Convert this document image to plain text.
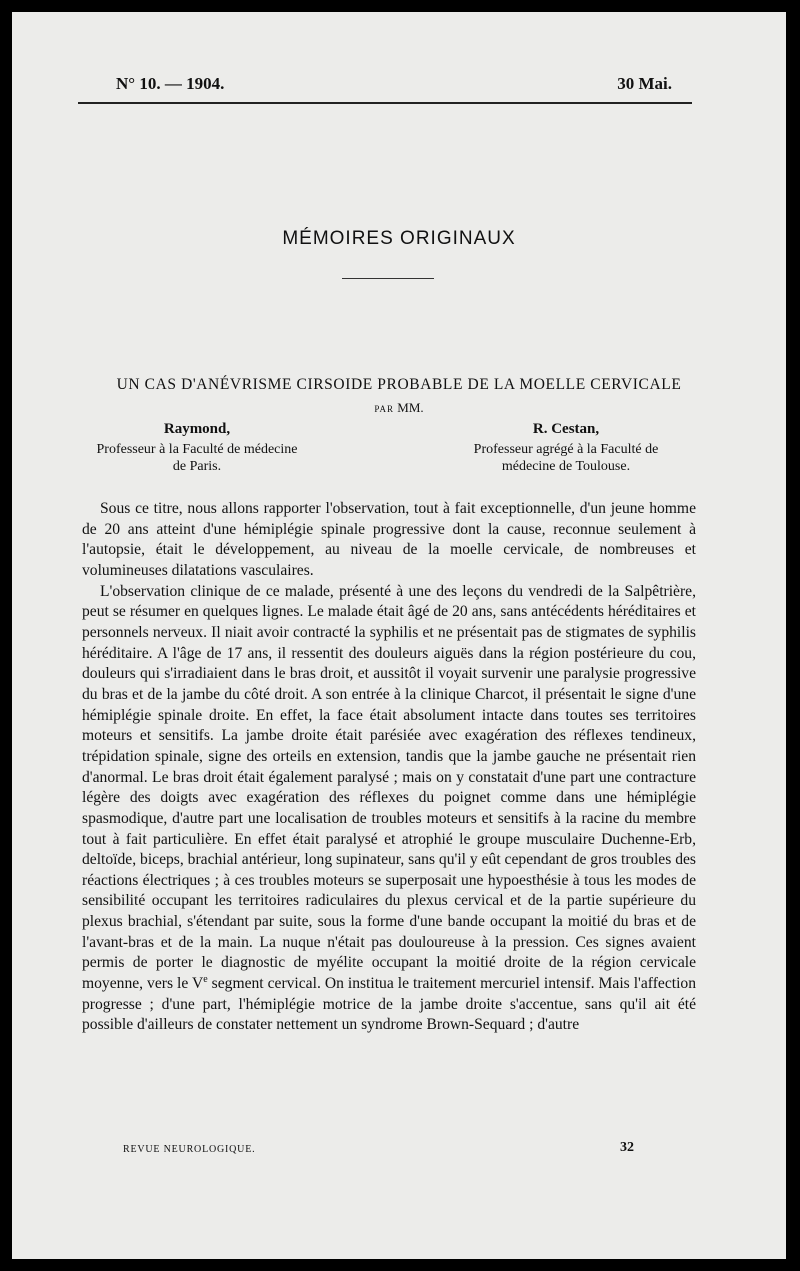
N° 10. — 1904.	30 Mai.
MÉMOIRES ORIGINAUX
UN CAS D'ANÉVRISME CIRSOIDE PROBABLE DE LA MOELLE CERVICALE
PAR MM.
Raymond,
Professeur à la Faculté de médecine
de Paris.
R. Cestan,
Professeur agrégé à la Faculté de
médecine de Toulouse.

Sous ce titre, nous allons rapporter l'observation, tout à fait exceptionnelle, d'un jeune homme de 20 ans atteint d'une hémiplégie spinale progressive dont la cause, reconnue seulement à l'autopsie, était le développement, au niveau de la moelle cervicale, de nombreuses et volumineuses dilatations vasculaires.

L'observation clinique de ce malade, présenté à une des leçons du vendredi de la Salpêtrière, peut se résumer en quelques lignes. Le malade était âgé de 20 ans, sans antécédents héréditaires et personnels nerveux. Il niait avoir contracté la syphilis et ne présentait pas de stigmates de syphilis héréditaire. A l'âge de 17 ans, il ressentit des douleurs aiguës dans la région postérieure du cou, douleurs qui s'irradiaient dans le bras droit, et aussitôt il voyait survenir une paralysie progressive du bras et de la jambe du côté droit. A son entrée à la clinique Charcot, il présentait le signe d'une hémiplégie spinale droite. En effet, la face était absolument intacte dans toutes ses territoires moteurs et sensitifs. La jambe droite était parésiée avec exagération des réflexes tendineux, trépidation spinale, signe des orteils en extension, tandis que la jambe gauche ne présentait rien d'anormal. Le bras droit était également paralysé ; mais on y constatait d'une part une contracture légère des doigts avec exagération des réflexes du poignet comme dans une hémiplégie spasmodique, d'autre part une localisation de troubles moteurs et sensitifs à la racine du membre tout à fait particulière. En effet était paralysé et atrophié le groupe musculaire Duchenne-Erb, deltoïde, biceps, brachial antérieur, long supinateur, sans qu'il y eût cependant de gros troubles des réactions électriques ; à ces troubles moteurs se superposait une hypoesthésie à tous les modes de sensibilité occupant les territoires radiculaires du plexus cervical et de la partie supérieure du plexus brachial, s'étendant par suite, sous la forme d'une bande occupant la moitié du bras et de l'avant-bras et de la main. La nuque n'était pas douloureuse à la pression. Ces signes avaient permis de porter le diagnostic de myélite occupant la moitié droite de la région cervicale moyenne, vers le Ve segment cervical. On institua le traitement mercuriel intensif. Mais l'affection progresse ; d'une part, l'hémiplégie motrice de la jambe droite s'accentue, sans qu'il ait été possible d'ailleurs de constater nettement un syndrome Brown-Sequard ; d'autre

REVUE NEUROLOGIQUE.	32
